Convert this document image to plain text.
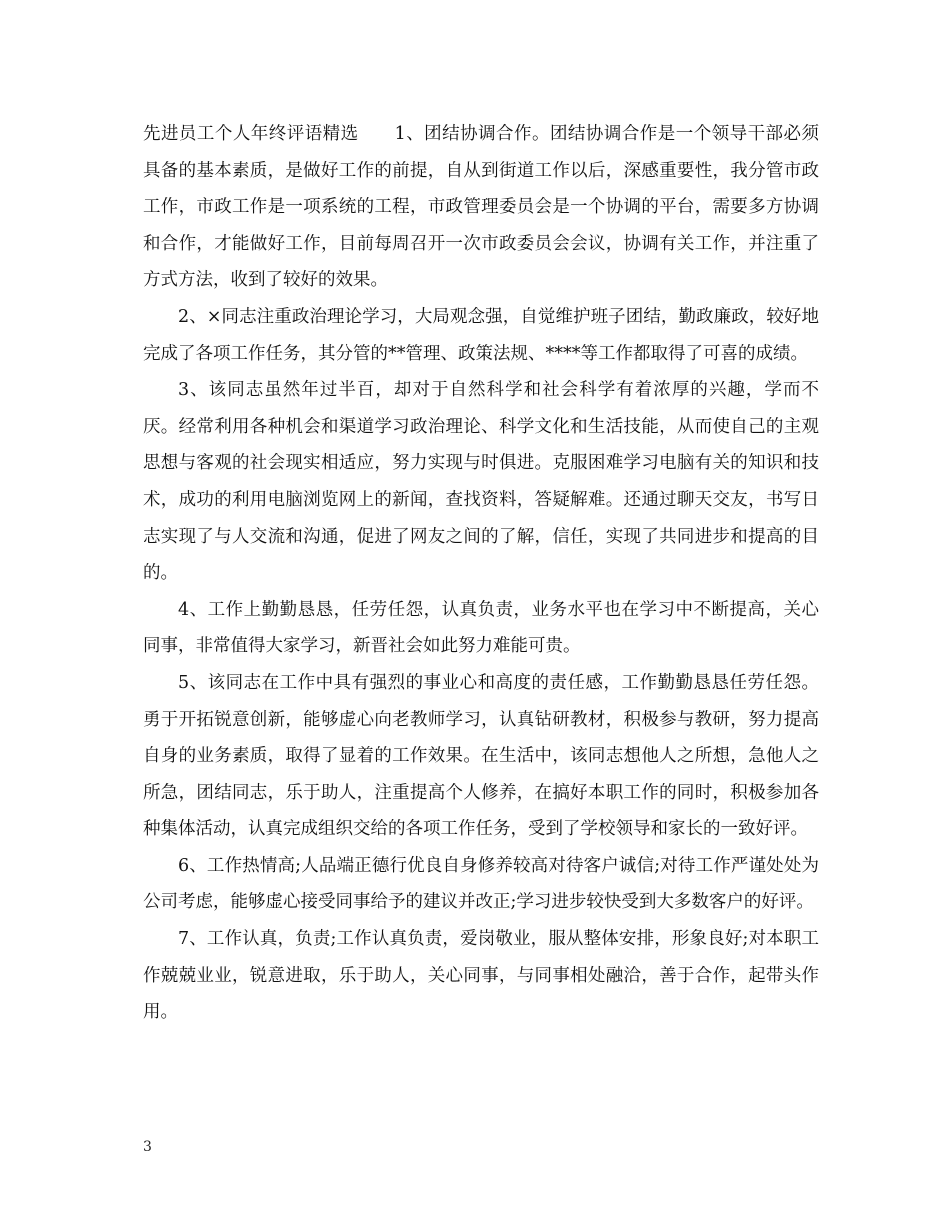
先进员工个人年终评语精选 1、团结协调合作。团结协调合作是一个领导干部必须具备的基本素质，是做好工作的前提，自从到街道工作以后，深感重要性，我分管市政工作，市政工作是一项系统的工程，市政管理委员会是一个协调的平台，需要多方协调和合作，才能做好工作，目前每周召开一次市政委员会会议，协调有关工作，并注重了方式方法，收到了较好的效果。

2、×同志注重政治理论学习，大局观念强，自觉维护班子团结，勤政廉政，较好地完成了各项工作任务，其分管的**管理、政策法规、****等工作都取得了可喜的成绩。

3、该同志虽然年过半百，却对于自然科学和社会科学有着浓厚的兴趣，学而不厌。经常利用各种机会和渠道学习政治理论、科学文化和生活技能，从而使自己的主观思想与客观的社会现实相适应，努力实现与时俱进。克服困难学习电脑有关的知识和技术，成功的利用电脑浏览网上的新闻，查找资料，答疑解难。还通过聊天交友，书写日志实现了与人交流和沟通，促进了网友之间的了解，信任，实现了共同进步和提高的目的。

4、工作上勤勤恳恳，任劳任怨，认真负责，业务水平也在学习中不断提高，关心同事，非常值得大家学习，新晋社会如此努力难能可贵。

5、该同志在工作中具有强烈的事业心和高度的责任感，工作勤勤恳恳任劳任怨。勇于开拓锐意创新，能够虚心向老教师学习，认真钻研教材，积极参与教研，努力提高自身的业务素质，取得了显着的工作效果。在生活中，该同志想他人之所想，急他人之所急，团结同志，乐于助人，注重提高个人修养，在搞好本职工作的同时，积极参加各种集体活动，认真完成组织交给的各项工作任务，受到了学校领导和家长的一致好评。

6、工作热情高;人品端正德行优良自身修养较高对待客户诚信;对待工作严谨处处为公司考虑，能够虚心接受同事给予的建议并改正;学习进步较快受到大多数客户的好评。

7、工作认真，负责;工作认真负责，爱岗敬业，服从整体安排，形象良好;对本职工作兢兢业业，锐意进取，乐于助人，关心同事，与同事相处融洽，善于合作，起带头作用。

3
